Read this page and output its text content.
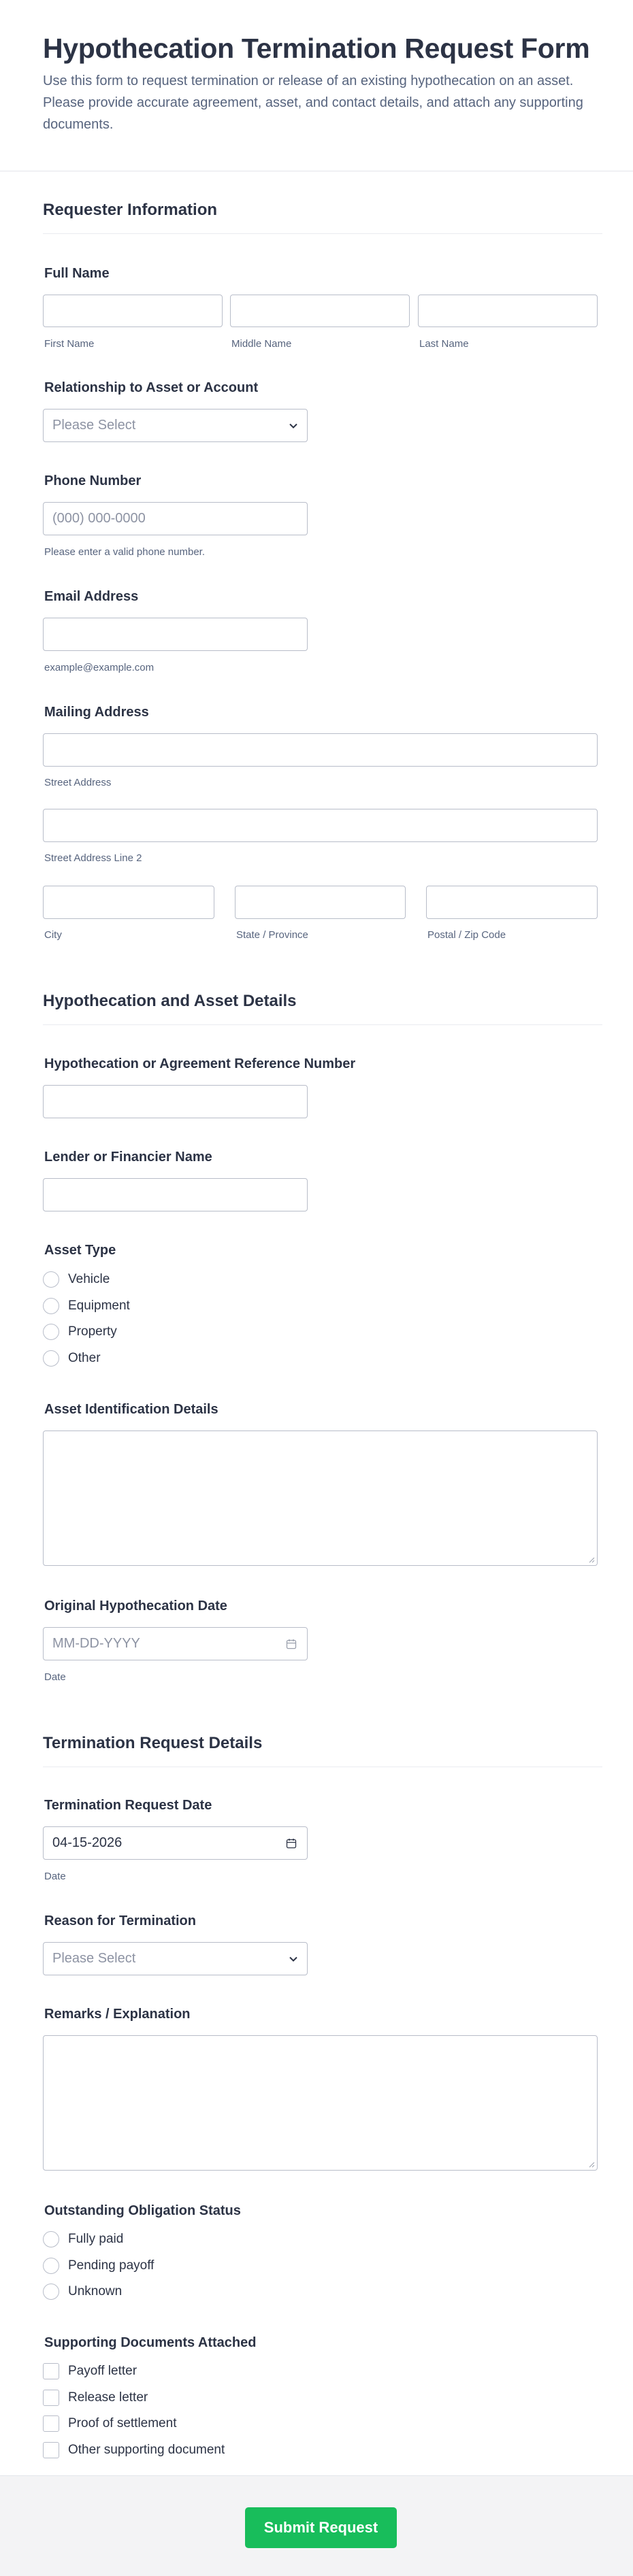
Hypothecation Termination Request Form
Use this form to request termination or release of an existing hypothecation on an asset. Please provide accurate agreement, asset, and contact details, and attach any supporting documents.
Requester Information
Full Name
First Name	Middle Name	Last Name
Relationship to Asset or Account
Please Select
Phone Number
(000) 000-0000
Please enter a valid phone number.
Email Address
example@example.com
Mailing Address
Street Address
Street Address Line 2
City	State / Province	Postal / Zip Code
Hypothecation and Asset Details
Hypothecation or Agreement Reference Number
Lender or Financier Name
Asset Type
Vehicle
Equipment
Property
Other
Asset Identification Details
Original Hypothecation Date
MM-DD-YYYY
Date
Termination Request Details
Termination Request Date
04-15-2026
Date
Reason for Termination
Please Select
Remarks / Explanation
Outstanding Obligation Status
Fully paid
Pending payoff
Unknown
Supporting Documents Attached
Payoff letter
Release letter
Proof of settlement
Other supporting document
Submit Request
